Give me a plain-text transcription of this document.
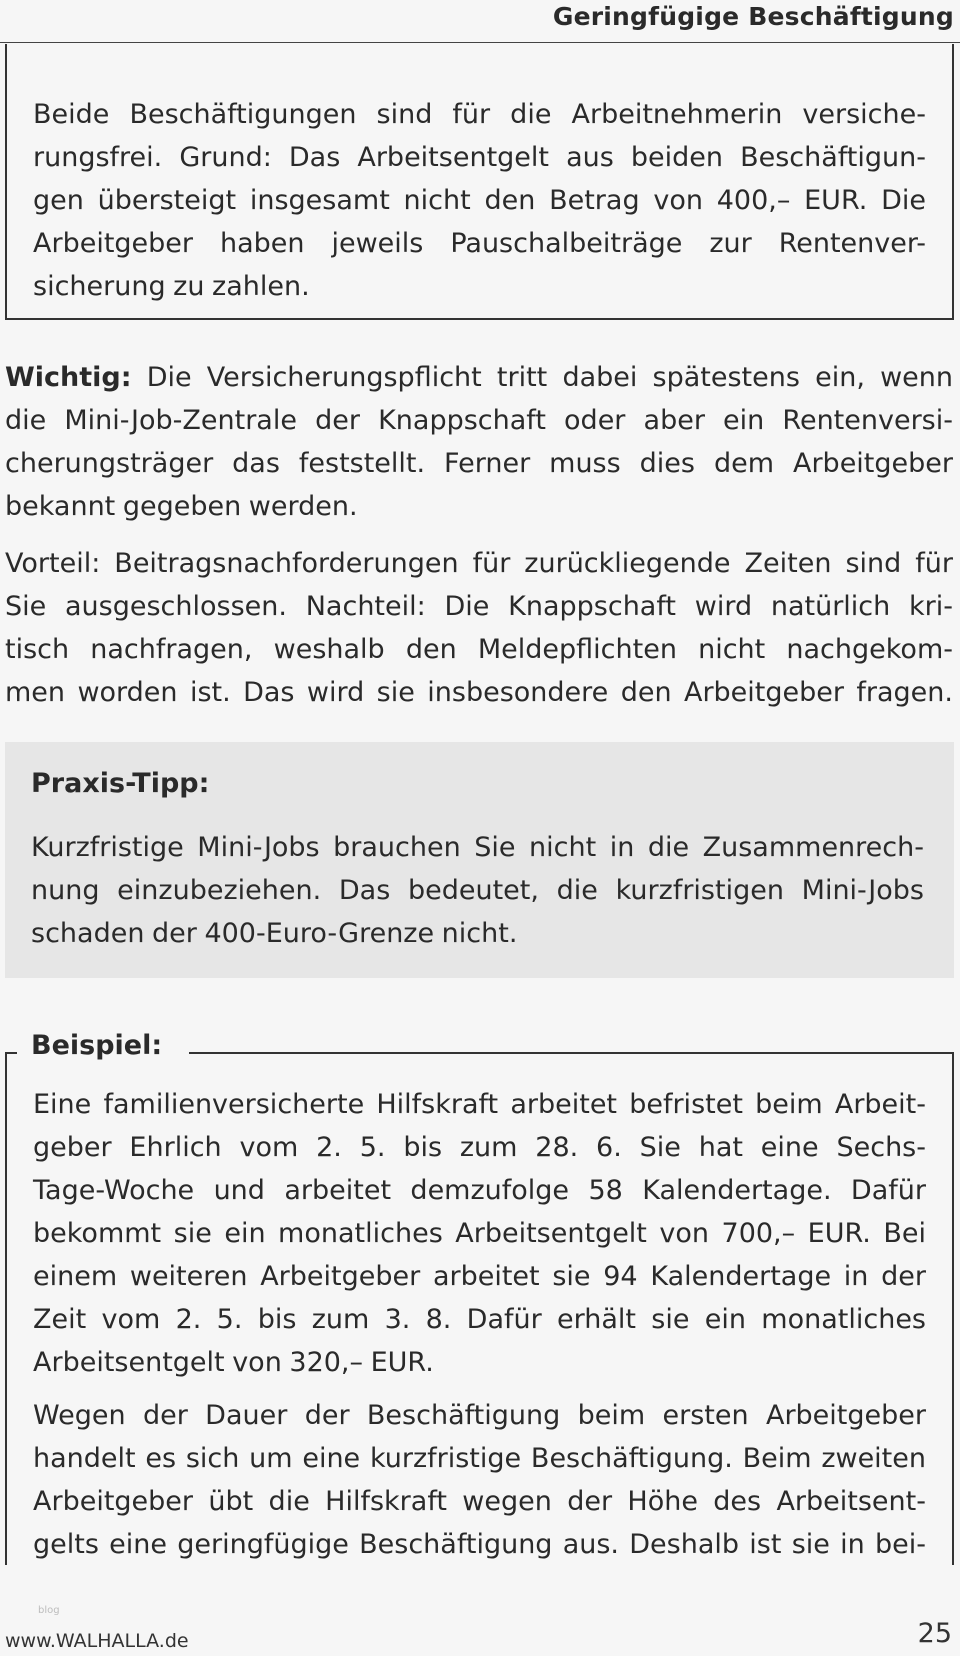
Geringfügige Beschäftigung

Beide Beschäftigungen sind für die Arbeitnehmerin versiche-
rungsfrei. Grund: Das Arbeitsentgelt aus beiden Beschäftigun-
gen übersteigt insgesamt nicht den Betrag von 400,– EUR. Die
Arbeitgeber haben jeweils Pauschalbeiträge zur Rentenver-
sicherung zu zahlen.

Wichtig: Die Versicherungspflicht tritt dabei spätestens ein, wenn
die Mini-Job-Zentrale der Knappschaft oder aber ein Rentenversi-
cherungsträger das feststellt. Ferner muss dies dem Arbeitgeber
bekannt gegeben werden.

Vorteil: Beitragsnachforderungen für zurückliegende Zeiten sind für
Sie ausgeschlossen. Nachteil: Die Knappschaft wird natürlich kri-
tisch nachfragen, weshalb den Meldepflichten nicht nachgekom-
men worden ist. Das wird sie insbesondere den Arbeitgeber fragen.

Praxis-Tipp:

Kurzfristige Mini-Jobs brauchen Sie nicht in die Zusammenrech-
nung einzubeziehen. Das bedeutet, die kurzfristigen Mini-Jobs
schaden der 400-Euro-Grenze nicht.

Eine familienversicherte Hilfskraft arbeitet befristet beim Arbeit-
geber Ehrlich vom 2. 5. bis zum 28. 6. Sie hat eine Sechs-
Tage-Woche und arbeitet demzufolge 58 Kalendertage. Dafür
bekommt sie ein monatliches Arbeitsentgelt von 700,– EUR. Bei
einem weiteren Arbeitgeber arbeitet sie 94 Kalendertage in der
Zeit vom 2. 5. bis zum 3. 8. Dafür erhält sie ein monatliches
Arbeitsentgelt von 320,– EUR.

Wegen der Dauer der Beschäftigung beim ersten Arbeitgeber
handelt es sich um eine kurzfristige Beschäftigung. Beim zweiten
Arbeitgeber übt die Hilfskraft wegen der Höhe des Arbeitsent-
gelts eine geringfügige Beschäftigung aus. Deshalb ist sie in bei-

Beispiel:
blog
www.WALHALLA.de	25
